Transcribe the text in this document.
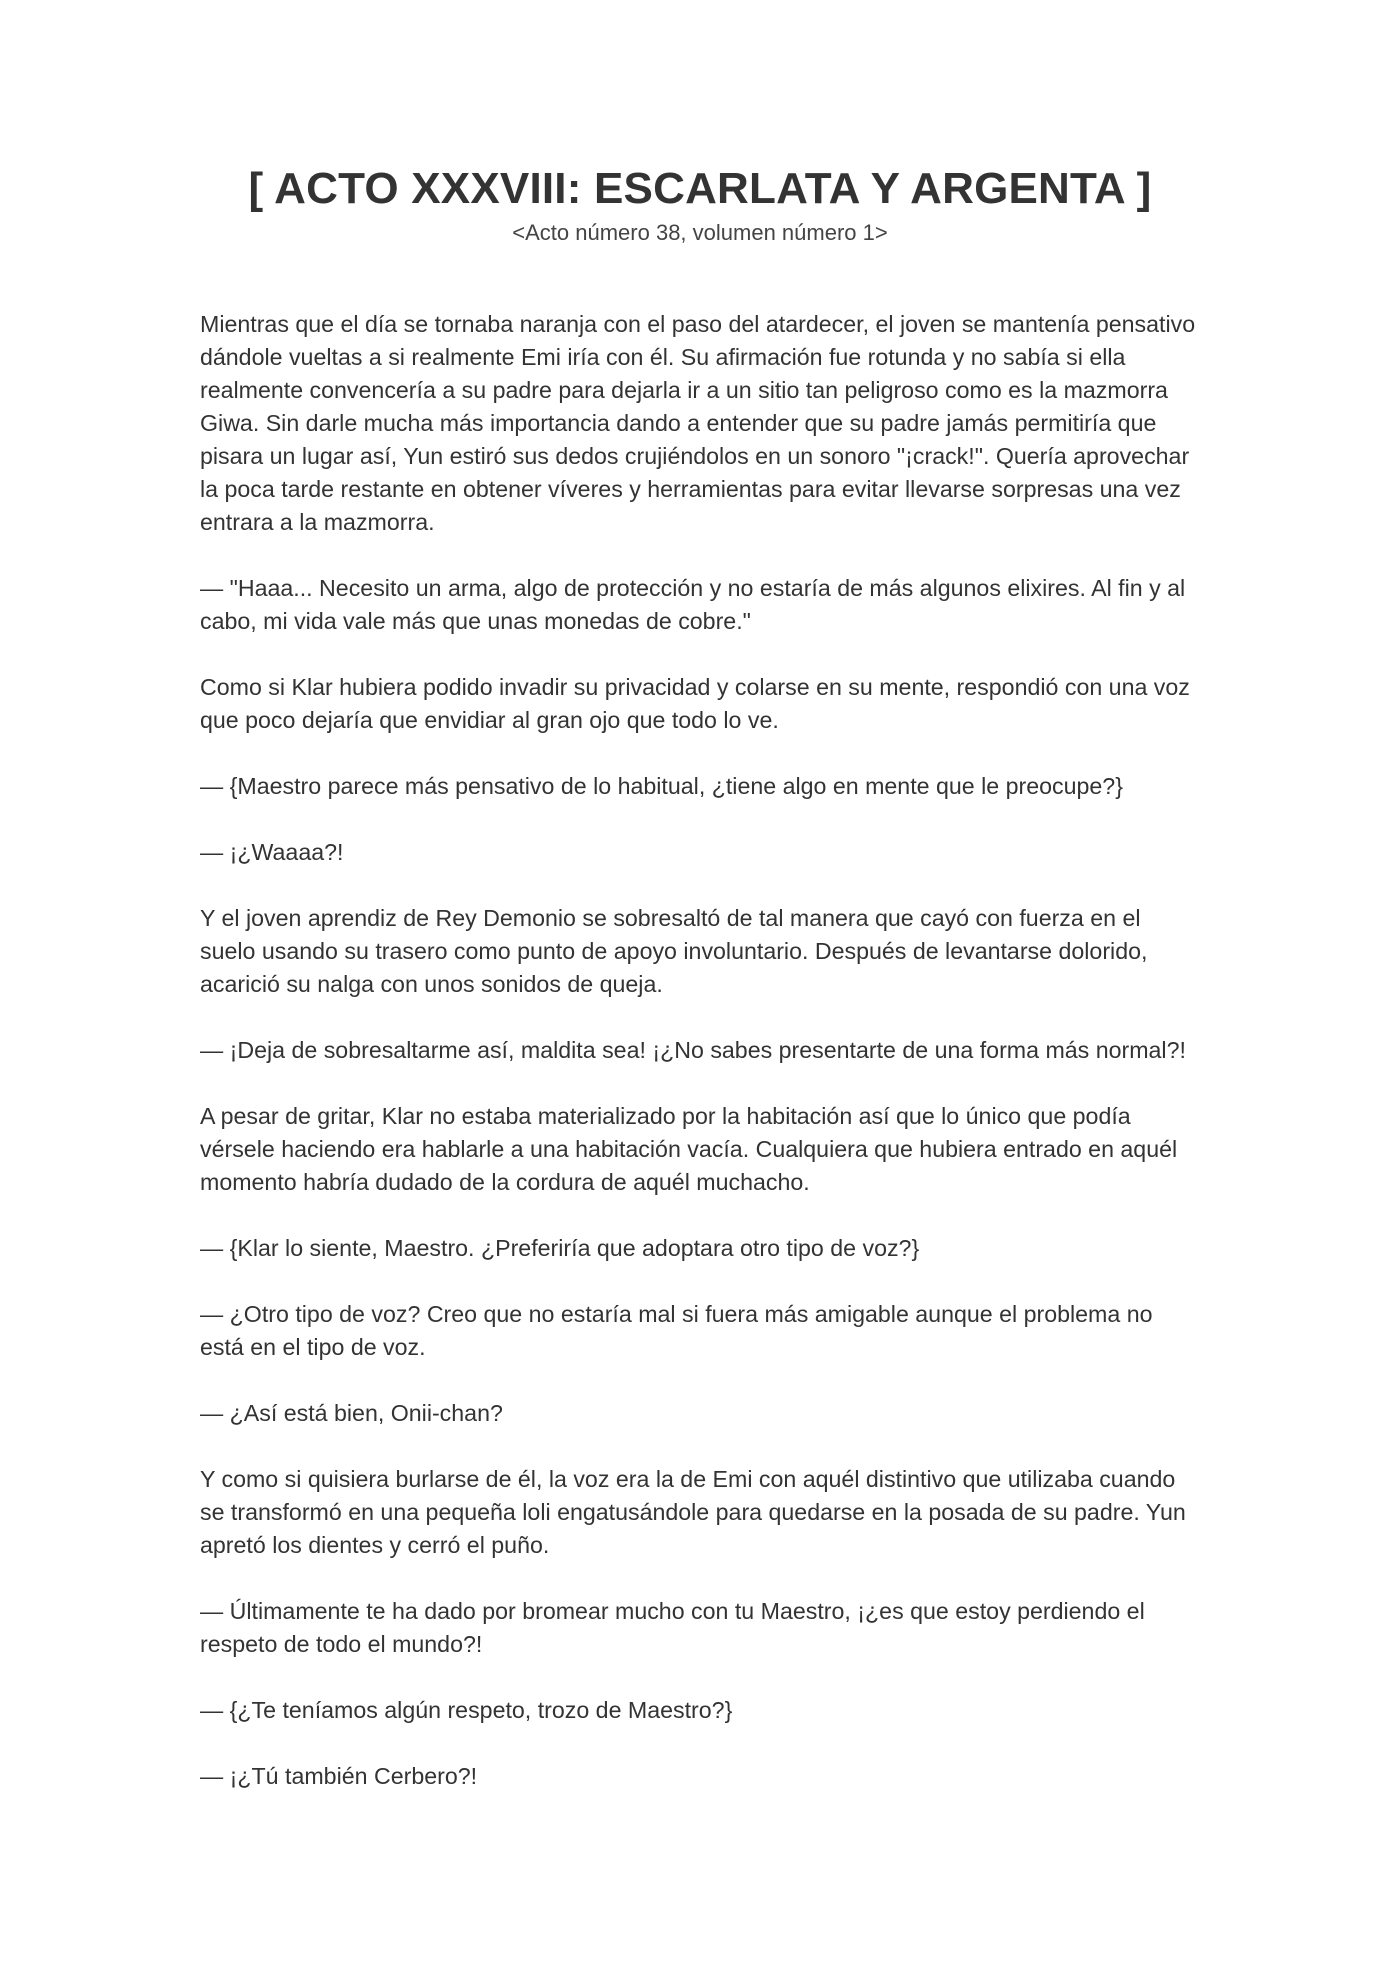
[ ACTO XXXVIII: ESCARLATA Y ARGENTA ]

<Acto número 38, volumen número 1>

Mientras que el día se tornaba naranja con el paso del atardecer, el joven se mantenía pensativo dándole vueltas a si realmente Emi iría con él. Su afirmación fue rotunda y no sabía si ella realmente convencería a su padre para dejarla ir a un sitio tan peligroso como es la mazmorra Giwa. Sin darle mucha más importancia dando a entender que su padre jamás permitiría que pisara un lugar así, Yun estiró sus dedos crujiéndolos en un sonoro "¡crack!". Quería aprovechar la poca tarde restante en obtener víveres y herramientas para evitar llevarse sorpresas una vez entrara a la mazmorra.

— "Haaa... Necesito un arma, algo de protección y no estaría de más algunos elixires. Al fin y al cabo, mi vida vale más que unas monedas de cobre."

Como si Klar hubiera podido invadir su privacidad y colarse en su mente, respondió con una voz que poco dejaría que envidiar al gran ojo que todo lo ve.

— {Maestro parece más pensativo de lo habitual, ¿tiene algo en mente que le preocupe?}

— ¡¿Waaaa?!

Y el joven aprendiz de Rey Demonio se sobresaltó de tal manera que cayó con fuerza en el suelo usando su trasero como punto de apoyo involuntario. Después de levantarse dolorido, acarició su nalga con unos sonidos de queja.

— ¡Deja de sobresaltarme así, maldita sea! ¡¿No sabes presentarte de una forma más normal?!

A pesar de gritar, Klar no estaba materializado por la habitación así que lo único que podía vérsele haciendo era hablarle a una habitación vacía. Cualquiera que hubiera entrado en aquél momento habría dudado de la cordura de aquél muchacho.

— {Klar lo siente, Maestro. ¿Preferiría que adoptara otro tipo de voz?}

— ¿Otro tipo de voz? Creo que no estaría mal si fuera más amigable aunque el problema no está en el tipo de voz.

— ¿Así está bien, Onii-chan?

Y como si quisiera burlarse de él, la voz era la de Emi con aquél distintivo que utilizaba cuando se transformó en una pequeña loli engatusándole para quedarse en la posada de su padre. Yun apretó los dientes y cerró el puño.

— Últimamente te ha dado por bromear mucho con tu Maestro, ¡¿es que estoy perdiendo el respeto de todo el mundo?!

— {¿Te teníamos algún respeto, trozo de Maestro?}

— ¡¿Tú también Cerbero?!
